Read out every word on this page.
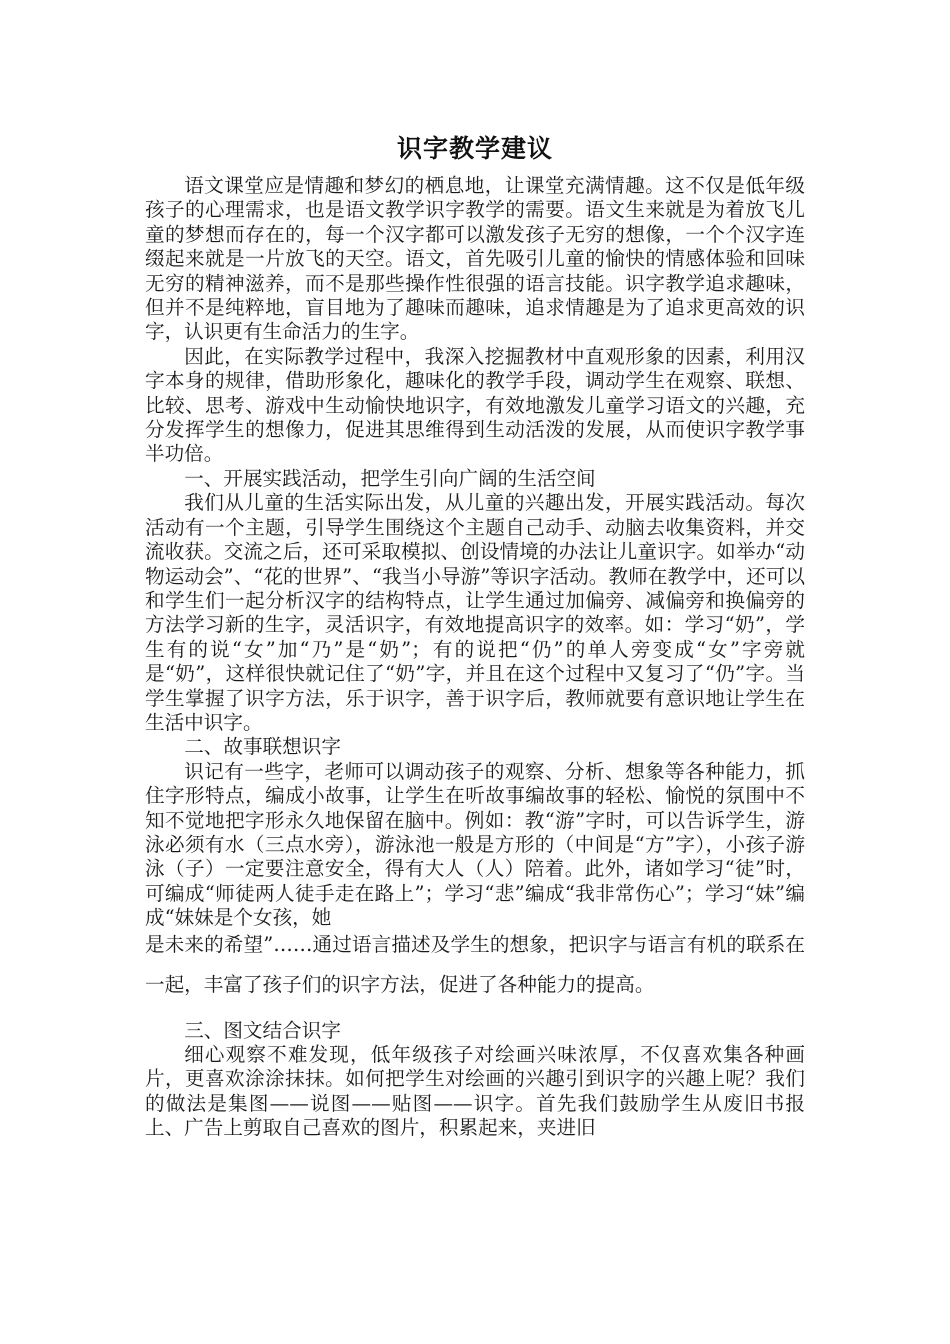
识字教学建议

语文课堂应是情趣和梦幻的栖息地，让课堂充满情趣。这不仅是低年级孩子的心理需求，也是语文教学识字教学的需要。语文生来就是为着放飞儿童的梦想而存在的，每一个汉字都可以激发孩子无穷的想像，一个个汉字连缀起来就是一片放飞的天空。语文，首先吸引儿童的愉快的情感体验和回味无穷的精神滋养，而不是那些操作性很强的语言技能。识字教学追求趣味，但并不是纯粹地，盲目地为了趣味而趣味，追求情趣是为了追求更高效的识字，认识更有生命活力的生字。

因此，在实际教学过程中，我深入挖掘教材中直观形象的因素，利用汉字本身的规律，借助形象化，趣味化的教学手段，调动学生在观察、联想、比较、思考、游戏中生动愉快地识字，有效地激发儿童学习语文的兴趣，充分发挥学生的想像力，促进其思维得到生动活泼的发展，从而使识字教学事半功倍。

一、开展实践活动，把学生引向广阔的生活空间

我们从儿童的生活实际出发，从儿童的兴趣出发，开展实践活动。每次活动有一个主题，引导学生围绕这个主题自己动手、动脑去收集资料，并交流收获。交流之后，还可采取模拟、创设情境的办法让儿童识字。如举办“动物运动会”、“花的世界”、“我当小导游”等识字活动。教师在教学中，还可以和学生们一起分析汉字的结构特点，让学生通过加偏旁、减偏旁和换偏旁的方法学习新的生字，灵活识字，有效地提高识字的效率。如：学习“奶”，学生有的说“女”加“乃”是“奶”；有的说把“仍”的单人旁变成“女”字旁就是“奶”，这样很快就记住了“奶”字，并且在这个过程中又复习了“仍”字。当学生掌握了识字方法，乐于识字，善于识字后，教师就要有意识地让学生在生活中识字。

二、故事联想识字

识记有一些字，老师可以调动孩子的观察、分析、想象等各种能力，抓住字形特点，编成小故事，让学生在听故事编故事的轻松、愉悦的氛围中不知不觉地把字形永久地保留在脑中。例如：教“游”字时，可以告诉学生，游泳必须有水（三点水旁），游泳池一般是方形的（中间是“方”字），小孩子游泳（子）一定要注意安全，得有大人（人）陪着。此外，诸如学习“徒”时，可编成“师徒两人徒手走在路上”；学习“悲”编成“我非常伤心”；学习“妹”编成“妹妹是个女孩，她

是未来的希望”……通过语言描述及学生的想象，把识字与语言有机的联系在一起，丰富了孩子们的识字方法，促进了各种能力的提高。

三、图文结合识字

细心观察不难发现，低年级孩子对绘画兴味浓厚，不仅喜欢集各种画片，更喜欢涂涂抹抹。如何把学生对绘画的兴趣引到识字的兴趣上呢？我们的做法是集图——说图——贴图——识字。首先我们鼓励学生从废旧书报上、广告上剪取自己喜欢的图片，积累起来，夹进旧
